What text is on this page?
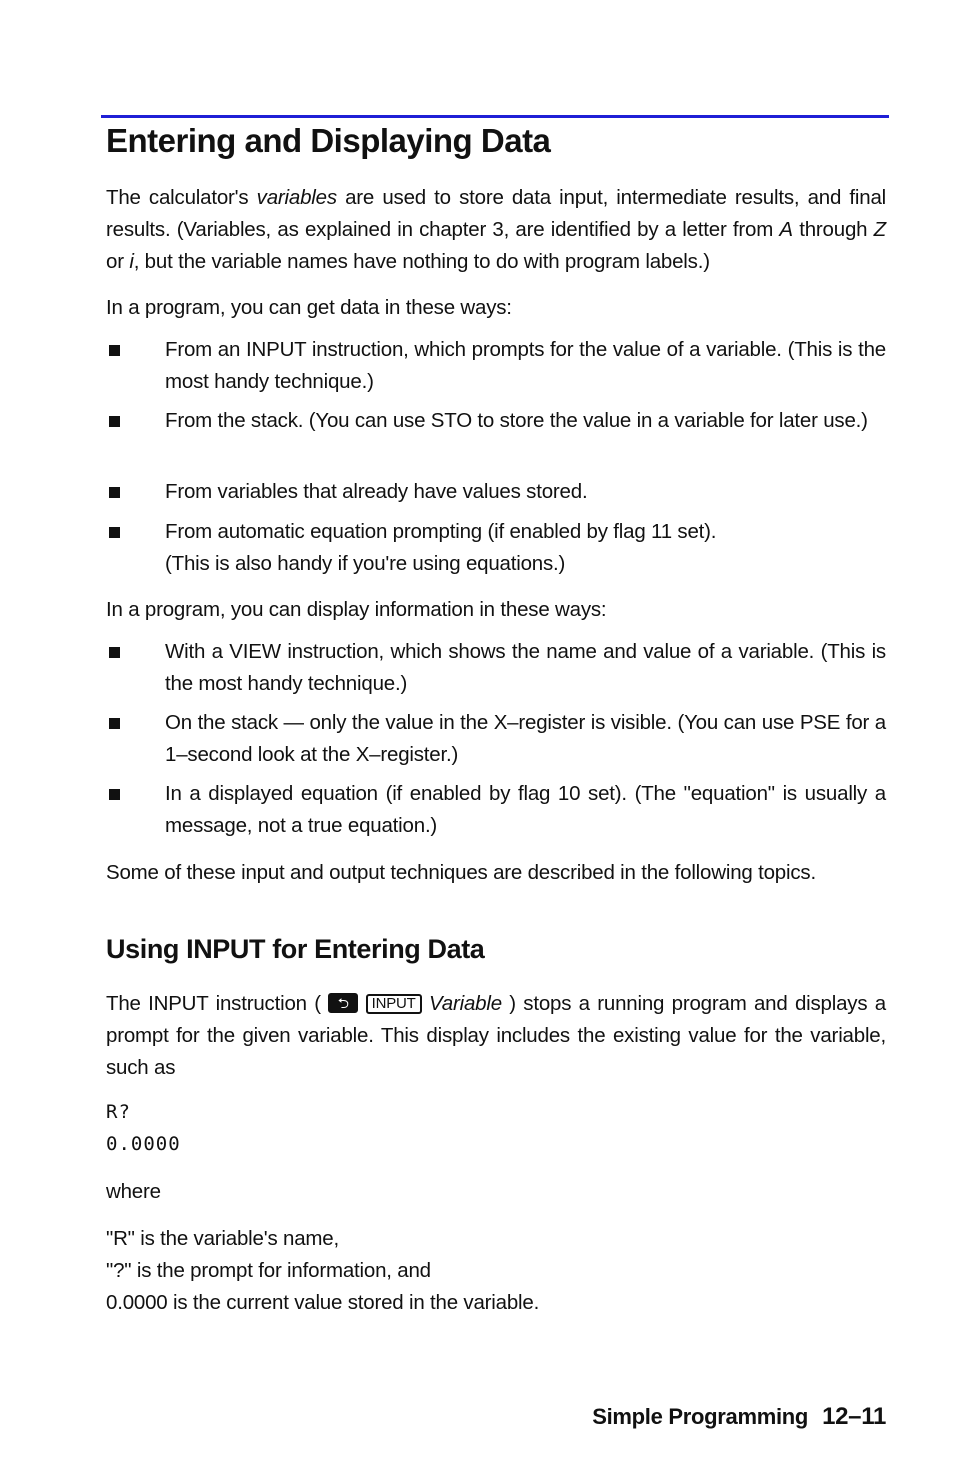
Entering and Displaying Data

The calculator's variables are used to store data input, intermediate results, and final results. (Variables, as explained in chapter 3, are identified by a letter from A through Z or i, but the variable names have nothing to do with program labels.)

In a program, you can get data in these ways:

From an INPUT instruction, which prompts for the value of a variable. (This is the most handy technique.)
From the stack. (You can use STO to store the value in a variable for later use.)
From variables that already have values stored.
From automatic equation prompting (if enabled by flag 11 set).
(This is also handy if you're using equations.)

In a program, you can display information in these ways:

With a VIEW instruction, which shows the name and value of a variable. (This is the most handy technique.)
On the stack — only the value in the X–register is visible. (You can use PSE for a 1–second look at the X–register.)
In a displayed equation (if enabled by flag 10 set). (The "equation" is usually a message, not a true equation.)

Some of these input and output techniques are described in the following topics.

Using INPUT for Entering Data

The INPUT instruction ( ⮌ INPUT Variable ) stops a running program and displays a prompt for the given variable. This display includes the existing value for the variable, such as

R?
0.0000

where

"R" is the variable's name,
"?" is the prompt for information, and
0.0000 is the current value stored in the variable.

Simple Programming 12–11
